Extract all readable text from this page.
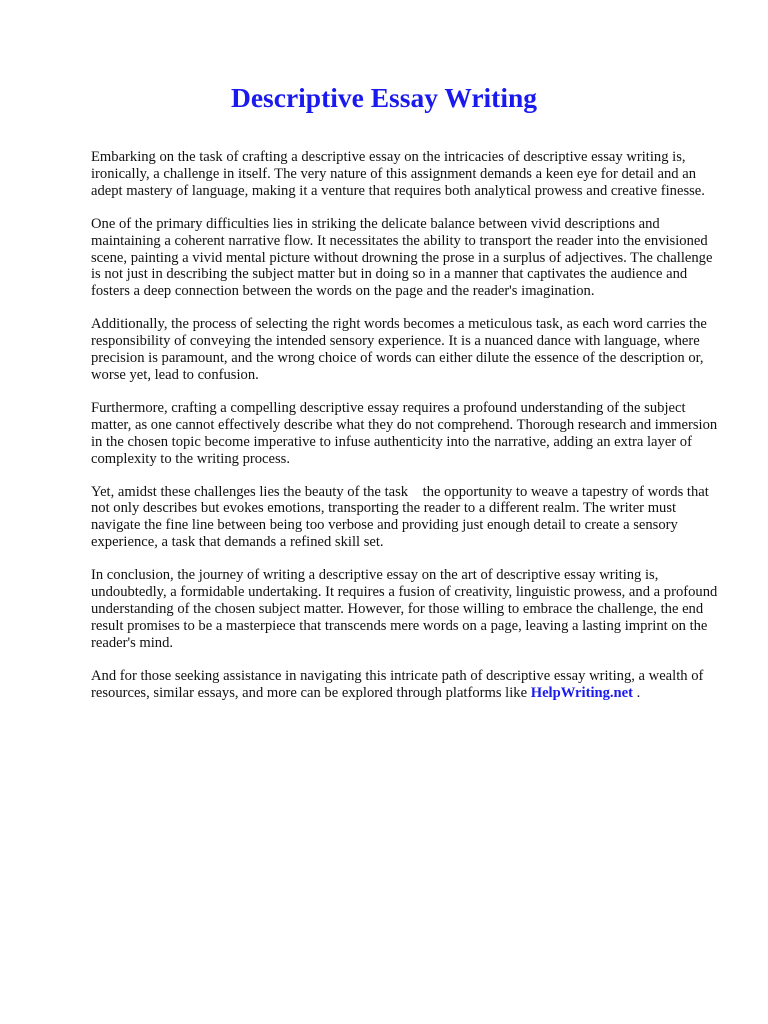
Descriptive Essay Writing

Embarking on the task of crafting a descriptive essay on the intricacies of descriptive essay writing is, ironically, a challenge in itself. The very nature of this assignment demands a keen eye for detail and an adept mastery of language, making it a venture that requires both analytical prowess and creative finesse.

One of the primary difficulties lies in striking the delicate balance between vivid descriptions and maintaining a coherent narrative flow. It necessitates the ability to transport the reader into the envisioned scene, painting a vivid mental picture without drowning the prose in a surplus of adjectives. The challenge is not just in describing the subject matter but in doing so in a manner that captivates the audience and fosters a deep connection between the words on the page and the reader's imagination.

Additionally, the process of selecting the right words becomes a meticulous task, as each word carries the responsibility of conveying the intended sensory experience. It is a nuanced dance with language, where precision is paramount, and the wrong choice of words can either dilute the essence of the description or, worse yet, lead to confusion.

Furthermore, crafting a compelling descriptive essay requires a profound understanding of the subject matter, as one cannot effectively describe what they do not comprehend. Thorough research and immersion in the chosen topic become imperative to infuse authenticity into the narrative, adding an extra layer of complexity to the writing process.

Yet, amidst these challenges lies the beauty of the task    the opportunity to weave a tapestry of words that not only describes but evokes emotions, transporting the reader to a different realm. The writer must navigate the fine line between being too verbose and providing just enough detail to create a sensory experience, a task that demands a refined skill set.

In conclusion, the journey of writing a descriptive essay on the art of descriptive essay writing is, undoubtedly, a formidable undertaking. It requires a fusion of creativity, linguistic prowess, and a profound understanding of the chosen subject matter. However, for those willing to embrace the challenge, the end result promises to be a masterpiece that transcends mere words on a page, leaving a lasting imprint on the reader's mind.

And for those seeking assistance in navigating this intricate path of descriptive essay writing, a wealth of resources, similar essays, and more can be explored through platforms like HelpWriting.net .
